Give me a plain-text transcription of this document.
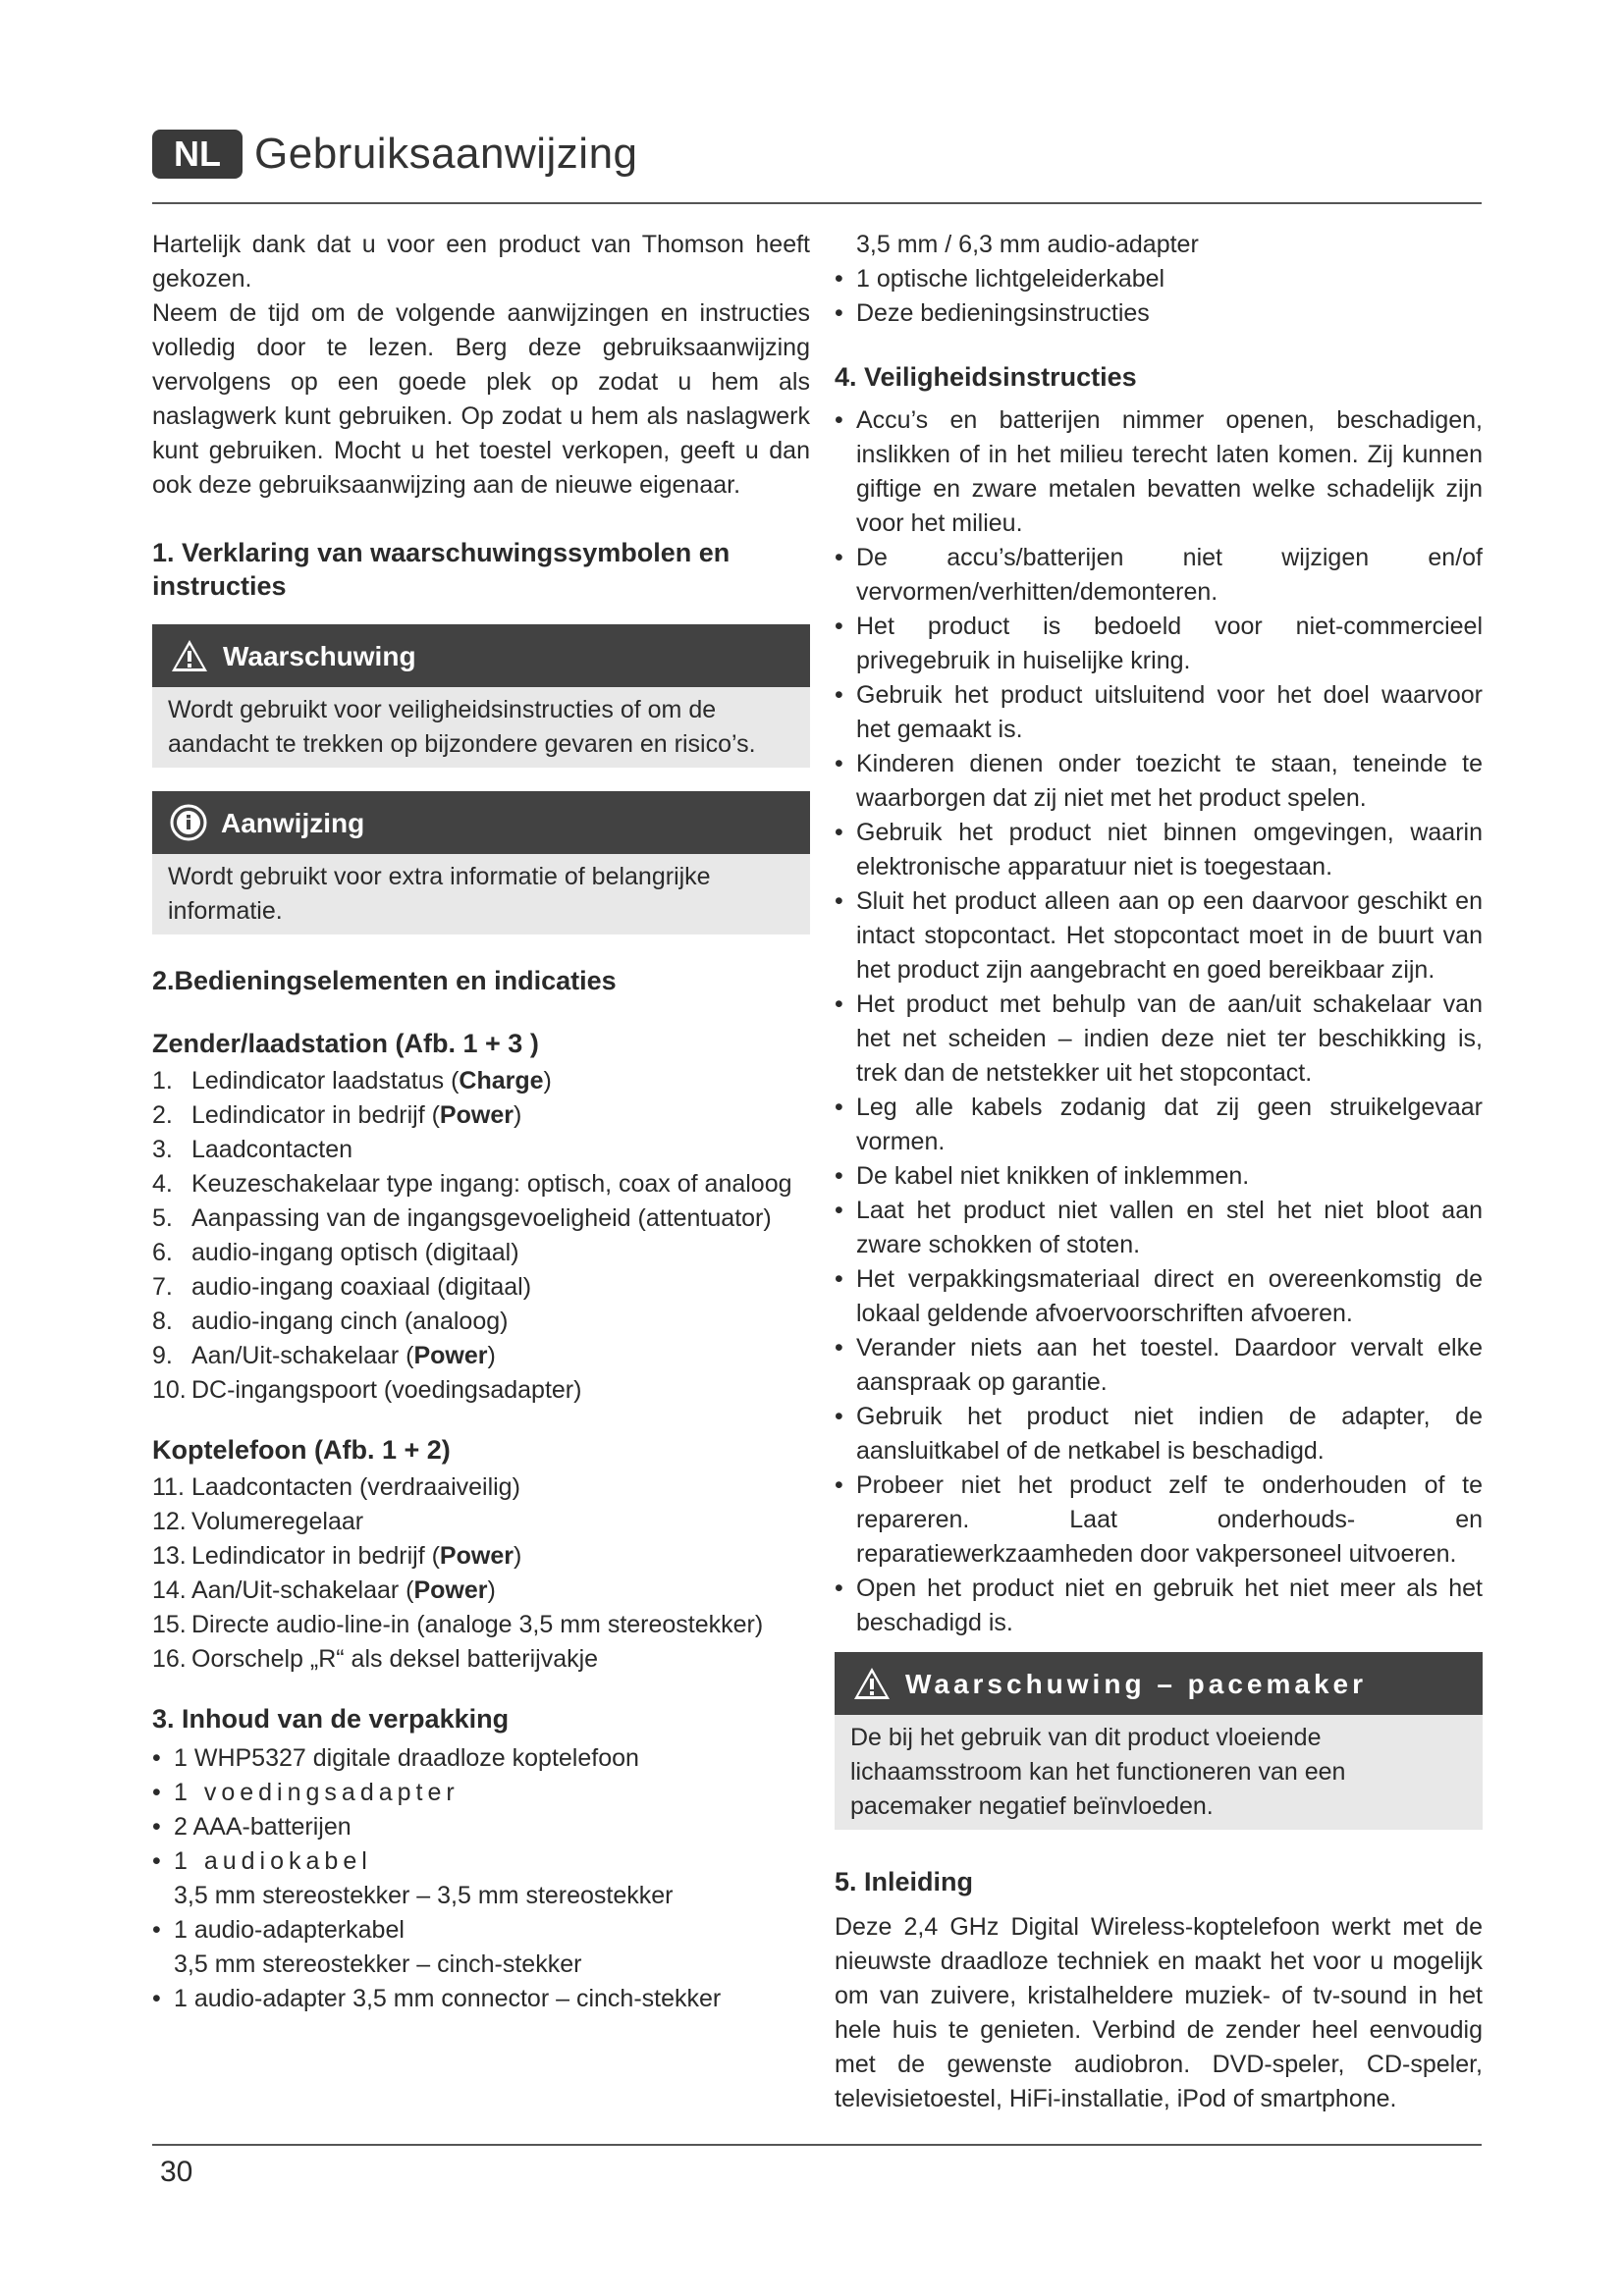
NL Gebruiksaanwijzing

Hartelijk dank dat u voor een product van Thomson heeft gekozen.

Neem de tijd om de volgende aanwijzingen en instructies volledig door te lezen. Berg deze gebruiksaanwijzing vervolgens op een goede plek op zodat u hem als naslagwerk kunt gebruiken. Op zodat u hem als naslagwerk kunt gebruiken. Mocht u het toestel verkopen, geeft u dan ook deze gebruiksaanwijzing aan de nieuwe eigenaar.

1. Verklaring van waarschuwingssymbolen en instructies
Waarschuwing

Wordt gebruikt voor veiligheidsinstructies of om de aandacht te trekken op bijzondere gevaren en risico’s.

Aanwijzing

Wordt gebruikt voor extra informatie of belangrijke informatie.

2.Bedieningselementen en indicaties
Zender/laadstation (Afb. 1 + 3 )
1. Ledindicator laadstatus (Charge)
2. Ledindicator in bedrijf (Power)
3. Laadcontacten
4. Keuzeschakelaar type ingang: optisch, coax of analoog
5. Aanpassing van de ingangsgevoeligheid (attentuator)
6. audio-ingang optisch (digitaal)
7. audio-ingang coaxiaal (digitaal)
8. audio-ingang cinch (analoog)
9. Aan/Uit-schakelaar (Power)
10. DC-ingangspoort (voedingsadapter)
Koptelefoon (Afb. 1 + 2)
11. Laadcontacten (verdraaiveilig)
12. Volumeregelaar
13. Ledindicator in bedrijf (Power)
14. Aan/Uit-schakelaar (Power)
15. Directe audio-line-in (analoge 3,5 mm stereostekker)
16. Oorschelp „R“ als deksel batterijvakje
3. Inhoud van de verpakking
• 1 WHP5327 digitale draadloze koptelefoon
• 1 voedingsadapter
• 2 AAA-batterijen
• 1 audiokabel
3,5 mm stereostekker – 3,5 mm stereostekker
• 1 audio-adapterkabel
3,5 mm stereostekker – cinch-stekker
• 1 audio-adapter 3,5 mm connector – cinch-stekker
3,5 mm / 6,3 mm audio-adapter
• 1 optische lichtgeleiderkabel
• Deze bedieningsinstructies
4. Veiligheidsinstructies
• Accu’s en batterijen nimmer openen, beschadigen, inslikken of in het milieu terecht laten komen. Zij kunnen giftige en zware metalen bevatten welke schadelijk zijn voor het milieu.
• De accu’s/batterijen niet wijzigen en/of vervormen/verhitten/demonteren.
• Het product is bedoeld voor niet-commercieel privegebruik in huiselijke kring.
• Gebruik het product uitsluitend voor het doel waarvoor het gemaakt is.
• Kinderen dienen onder toezicht te staan, teneinde te waarborgen dat zij niet met het product spelen.
• Gebruik het product niet binnen omgevingen, waarin elektronische apparatuur niet is toegestaan.
• Sluit het product alleen aan op een daarvoor geschikt en intact stopcontact. Het stopcontact moet in de buurt van het product zijn aangebracht en goed bereikbaar zijn.
• Het product met behulp van de aan/uit schakelaar van het net scheiden – indien deze niet ter beschikking is, trek dan de netstekker uit het stopcontact.
• Leg alle kabels zodanig dat zij geen struikelgevaar vormen.
• De kabel niet knikken of inklemmen.
• Laat het product niet vallen en stel het niet bloot aan zware schokken of stoten.
• Het verpakkingsmateriaal direct en overeenkomstig de lokaal geldende afvoervoorschriften afvoeren.
• Verander niets aan het toestel. Daardoor vervalt elke aanspraak op garantie.
• Gebruik het product niet indien de adapter, de aansluitkabel of de netkabel is beschadigd.
• Probeer niet het product zelf te onderhouden of te repareren. Laat onderhouds- en reparatiewerkzaamheden door vakpersoneel uitvoeren.
• Open het product niet en gebruik het niet meer als het beschadigd is.
Waarschuwing – pacemaker

De bij het gebruik van dit product vloeiende lichaamsstroom kan het functioneren van een pacemaker negatief beïnvloeden.

5. Inleiding

Deze 2,4 GHz Digital Wireless-koptelefoon werkt met de nieuwste draadloze techniek en maakt het voor u mogelijk om van zuivere, kristalheldere muziek- of tv-sound in het hele huis te genieten. Verbind de zender heel eenvoudig met de gewenste audiobron. DVD-speler, CD-speler, televisietoestel, HiFi-installatie, iPod of smartphone.

30
